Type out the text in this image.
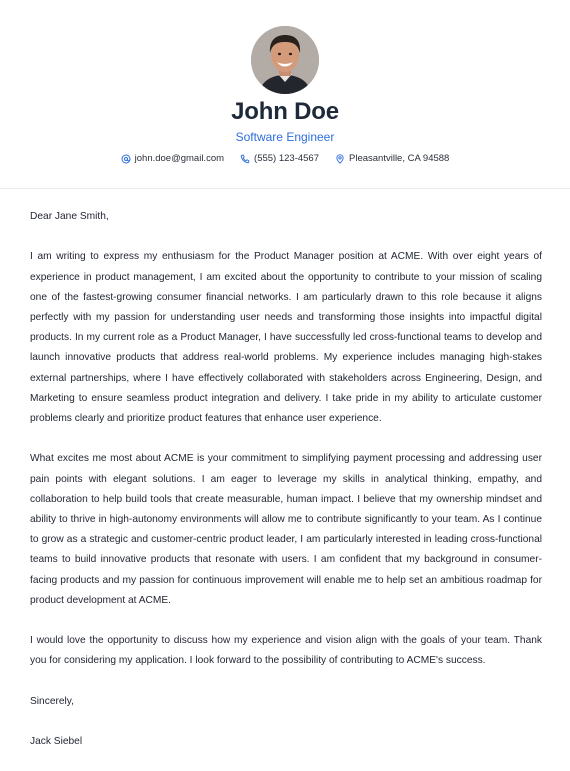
John Doe
Software Engineer
john.doe@gmail.com	(555) 123-4567	Pleasantville, CA 94588

Dear Jane Smith,

I am writing to express my enthusiasm for the Product Manager position at ACME. With over eight years of experience in product management, I am excited about the opportunity to contribute to your mission of scaling one of the fastest-growing consumer financial networks. I am particularly drawn to this role because it aligns perfectly with my passion for understanding user needs and transforming those insights into impactful digital products. In my current role as a Product Manager, I have successfully led cross-functional teams to develop and launch innovative products that address real-world problems. My experience includes managing high-stakes external partnerships, where I have effectively collaborated with stakeholders across Engineering, Design, and Marketing to ensure seamless product integration and delivery. I take pride in my ability to articulate customer problems clearly and prioritize product features that enhance user experience.

What excites me most about ACME is your commitment to simplifying payment processing and addressing user pain points with elegant solutions. I am eager to leverage my skills in analytical thinking, empathy, and collaboration to help build tools that create measurable, human impact. I believe that my ownership mindset and ability to thrive in high-autonomy environments will allow me to contribute significantly to your team. As I continue to grow as a strategic and customer-centric product leader, I am particularly interested in leading cross-functional teams to build innovative products that resonate with users. I am confident that my background in consumer-facing products and my passion for continuous improvement will enable me to help set an ambitious roadmap for product development at ACME.

I would love the opportunity to discuss how my experience and vision align with the goals of your team. Thank you for considering my application. I look forward to the possibility of contributing to ACME's success.

Sincerely,

Jack Siebel
